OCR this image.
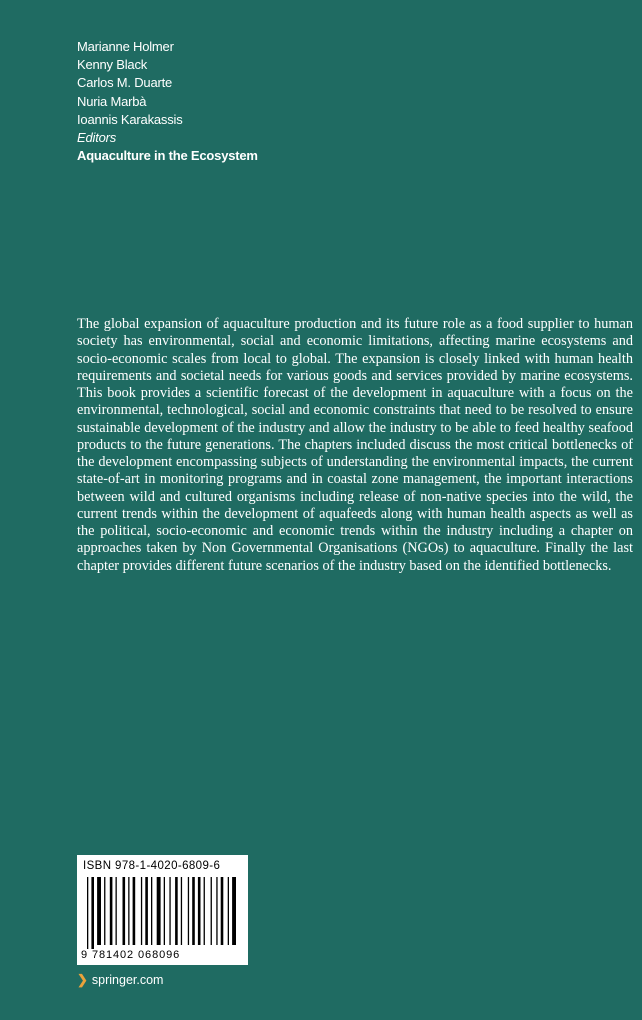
Marianne Holmer
Kenny Black
Carlos M. Duarte
Nuria Marbà
Ioannis Karakassis
Editors
Aquaculture in the Ecosystem

The global expansion of aquaculture production and its future role as a food supplier to human society has environmental, social and economic limitations, affecting marine ecosystems and socio-economic scales from local to global. The expansion is closely linked with human health requirements and societal needs for various goods and services provided by marine ecosystems. This book provides a scientific forecast of the development in aquaculture with a focus on the environmental, technological, social and economic constraints that need to be resolved to ensure sustainable development of the industry and allow the industry to be able to feed healthy seafood products to the future generations. The chapters included discuss the most critical bottlenecks of the development encompassing subjects of understanding the environmental impacts, the current state-of-art in monitoring programs and in coastal zone management, the important interactions between wild and cultured organisms including release of non-native species into the wild, the current trends within the development of aquafeeds along with human health aspects as well as the political, socio-economic and economic trends within the industry including a chapter on approaches taken by Non Governmental Organisations (NGOs) to aquaculture. Finally the last chapter provides different future scenarios of the industry based on the identified bottlenecks.

ISBN 978-1-4020-6809-6
9 781402 068096
❯ springer.com
